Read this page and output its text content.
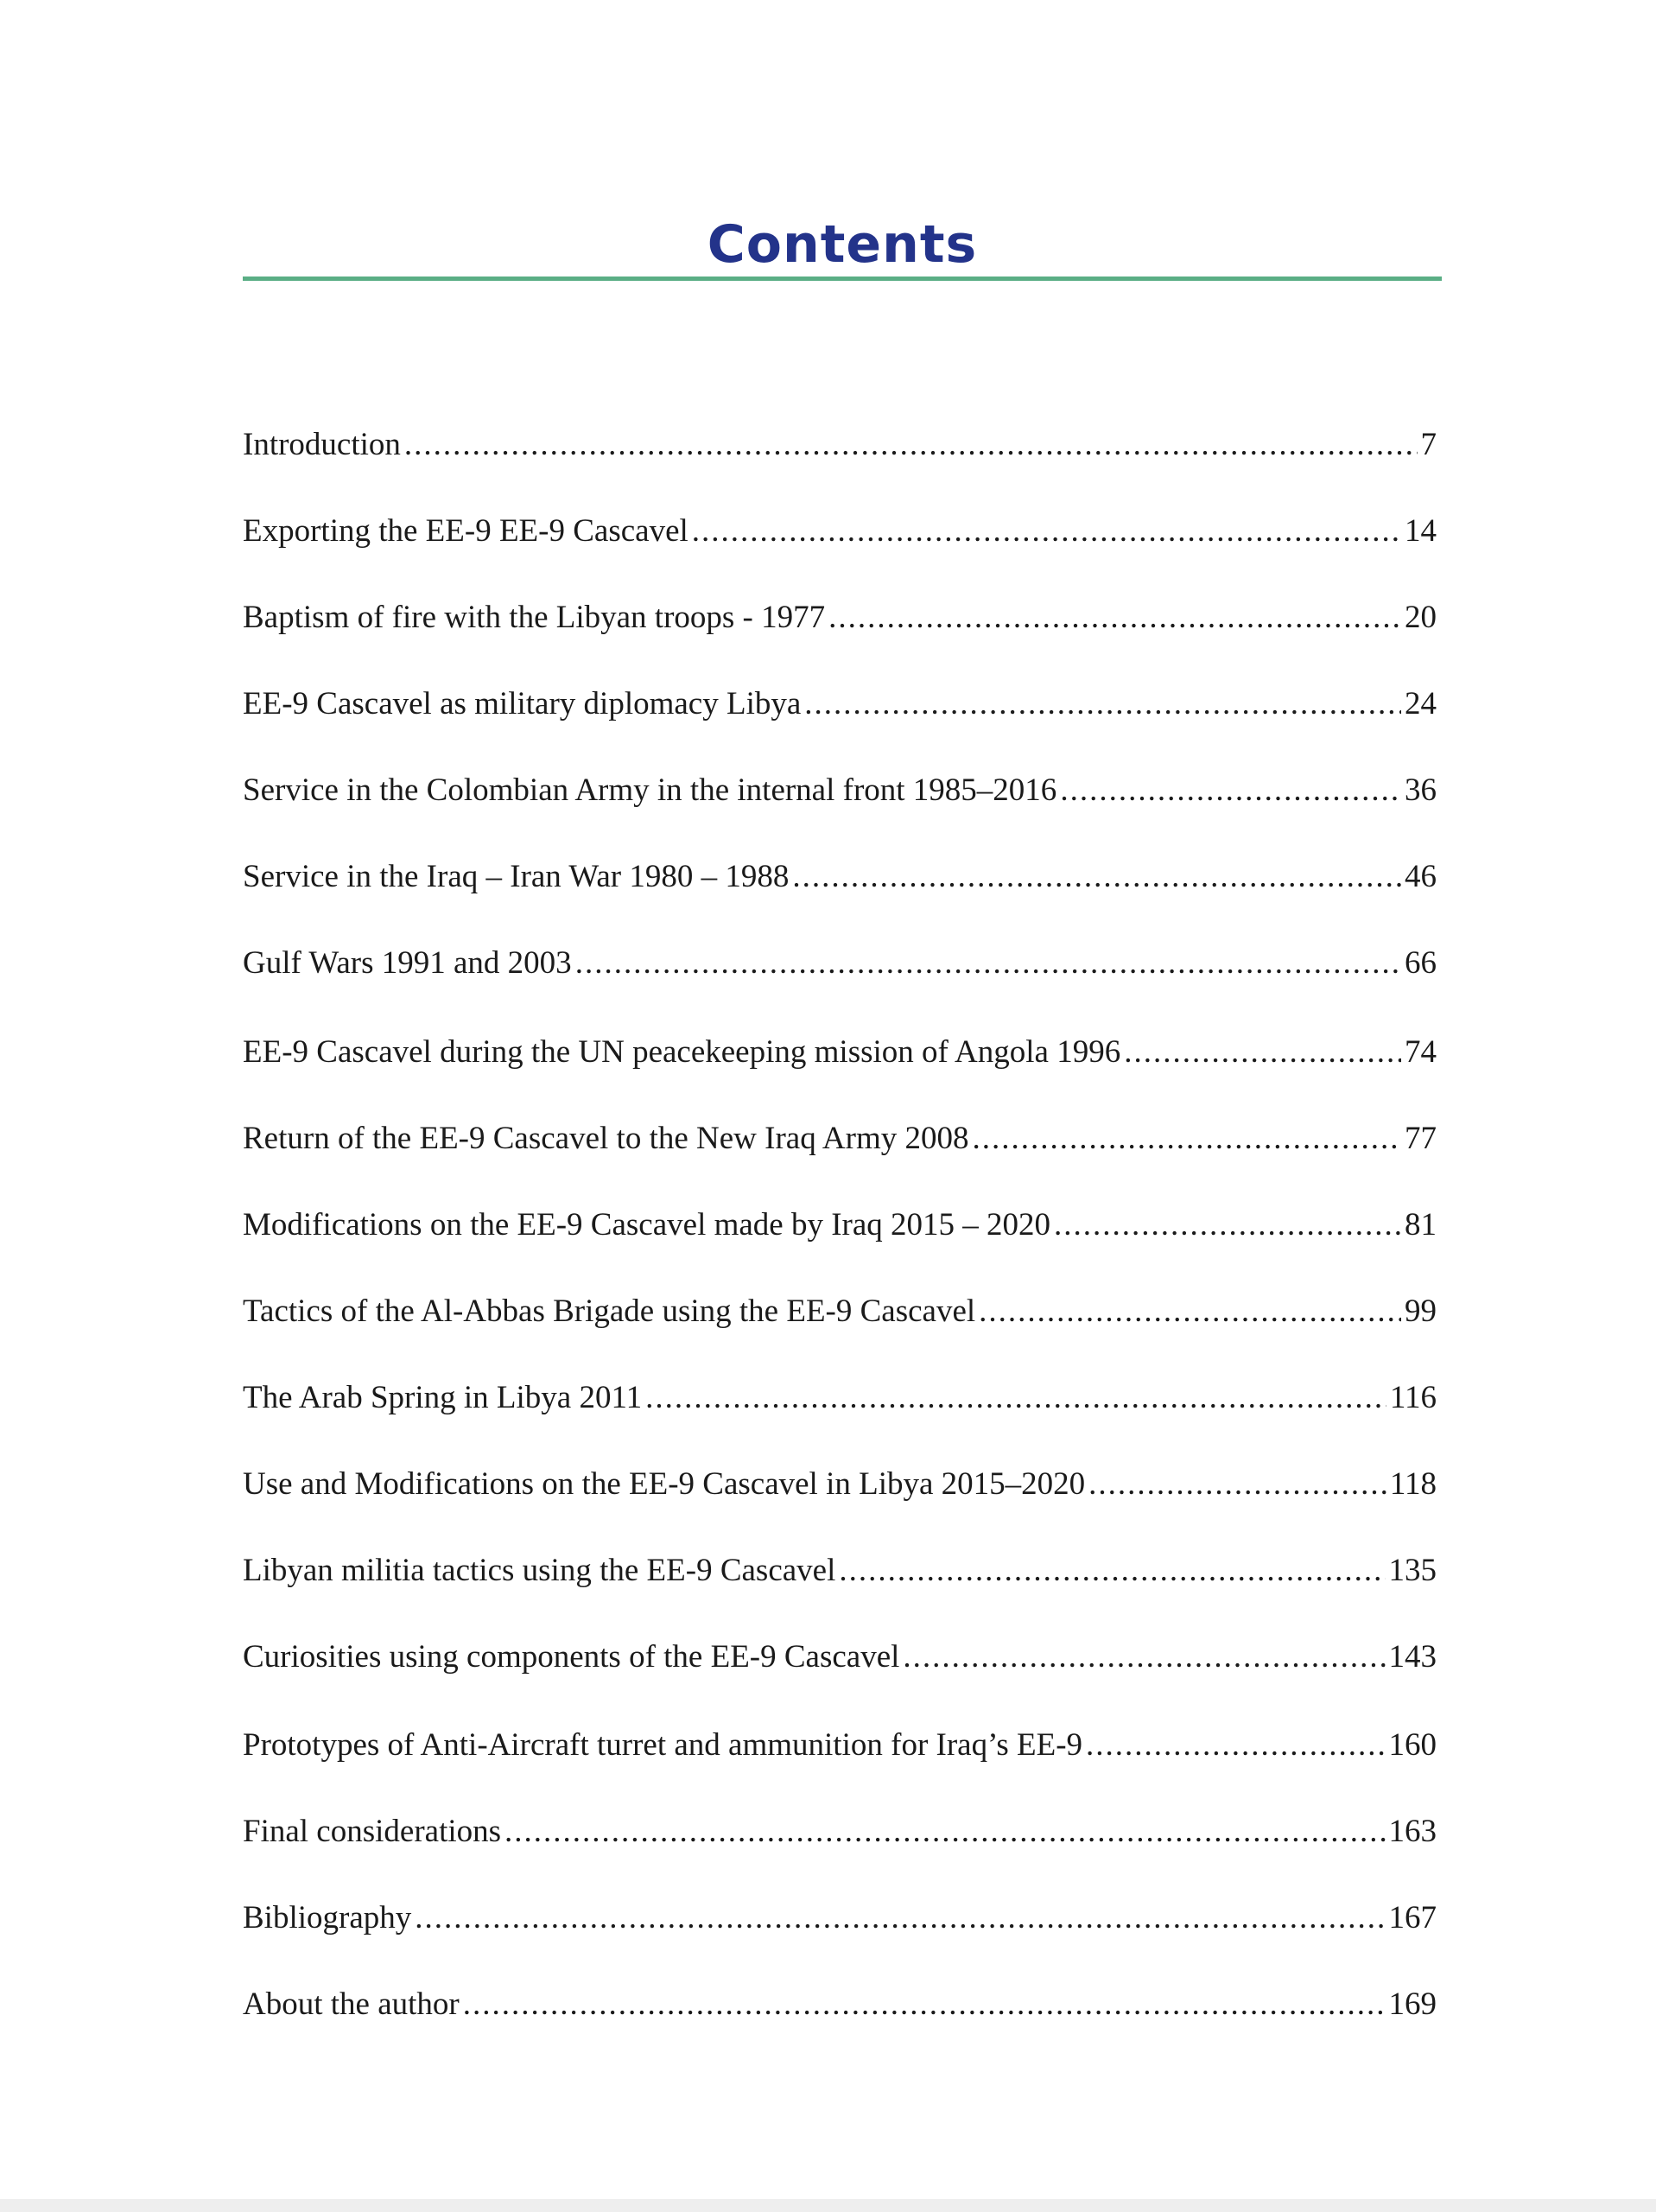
Contents
Introduction .....	7
Exporting the EE-9 EE-9 Cascavel .....	14
Baptism of fire with the Libyan troops - 1977 .....	20
EE-9 Cascavel as military diplomacy Libya .....	24
Service in the Colombian Army in the internal front 1985–2016 .....	36
Service in the Iraq – Iran War 1980 – 1988 .....	46
Gulf Wars 1991 and 2003 .....	66
EE-9 Cascavel during the UN peacekeeping mission of Angola 1996 .....	74
Return of the EE-9 Cascavel to the New Iraq Army 2008 .....	77
Modifications on the EE-9 Cascavel made by Iraq 2015 – 2020 .....	81
Tactics of the Al-Abbas Brigade using the EE-9 Cascavel .....	99
The Arab Spring in Libya 2011 .....	116
Use and Modifications on the EE-9 Cascavel in Libya 2015–2020 .....	118
Libyan militia tactics using the EE-9 Cascavel .....	135
Curiosities using components of the EE-9 Cascavel .....	143
Prototypes of Anti-Aircraft turret and ammunition for Iraq’s EE-9 .....	160
Final considerations .....	163
Bibliography .....	167
About the author .....	169
